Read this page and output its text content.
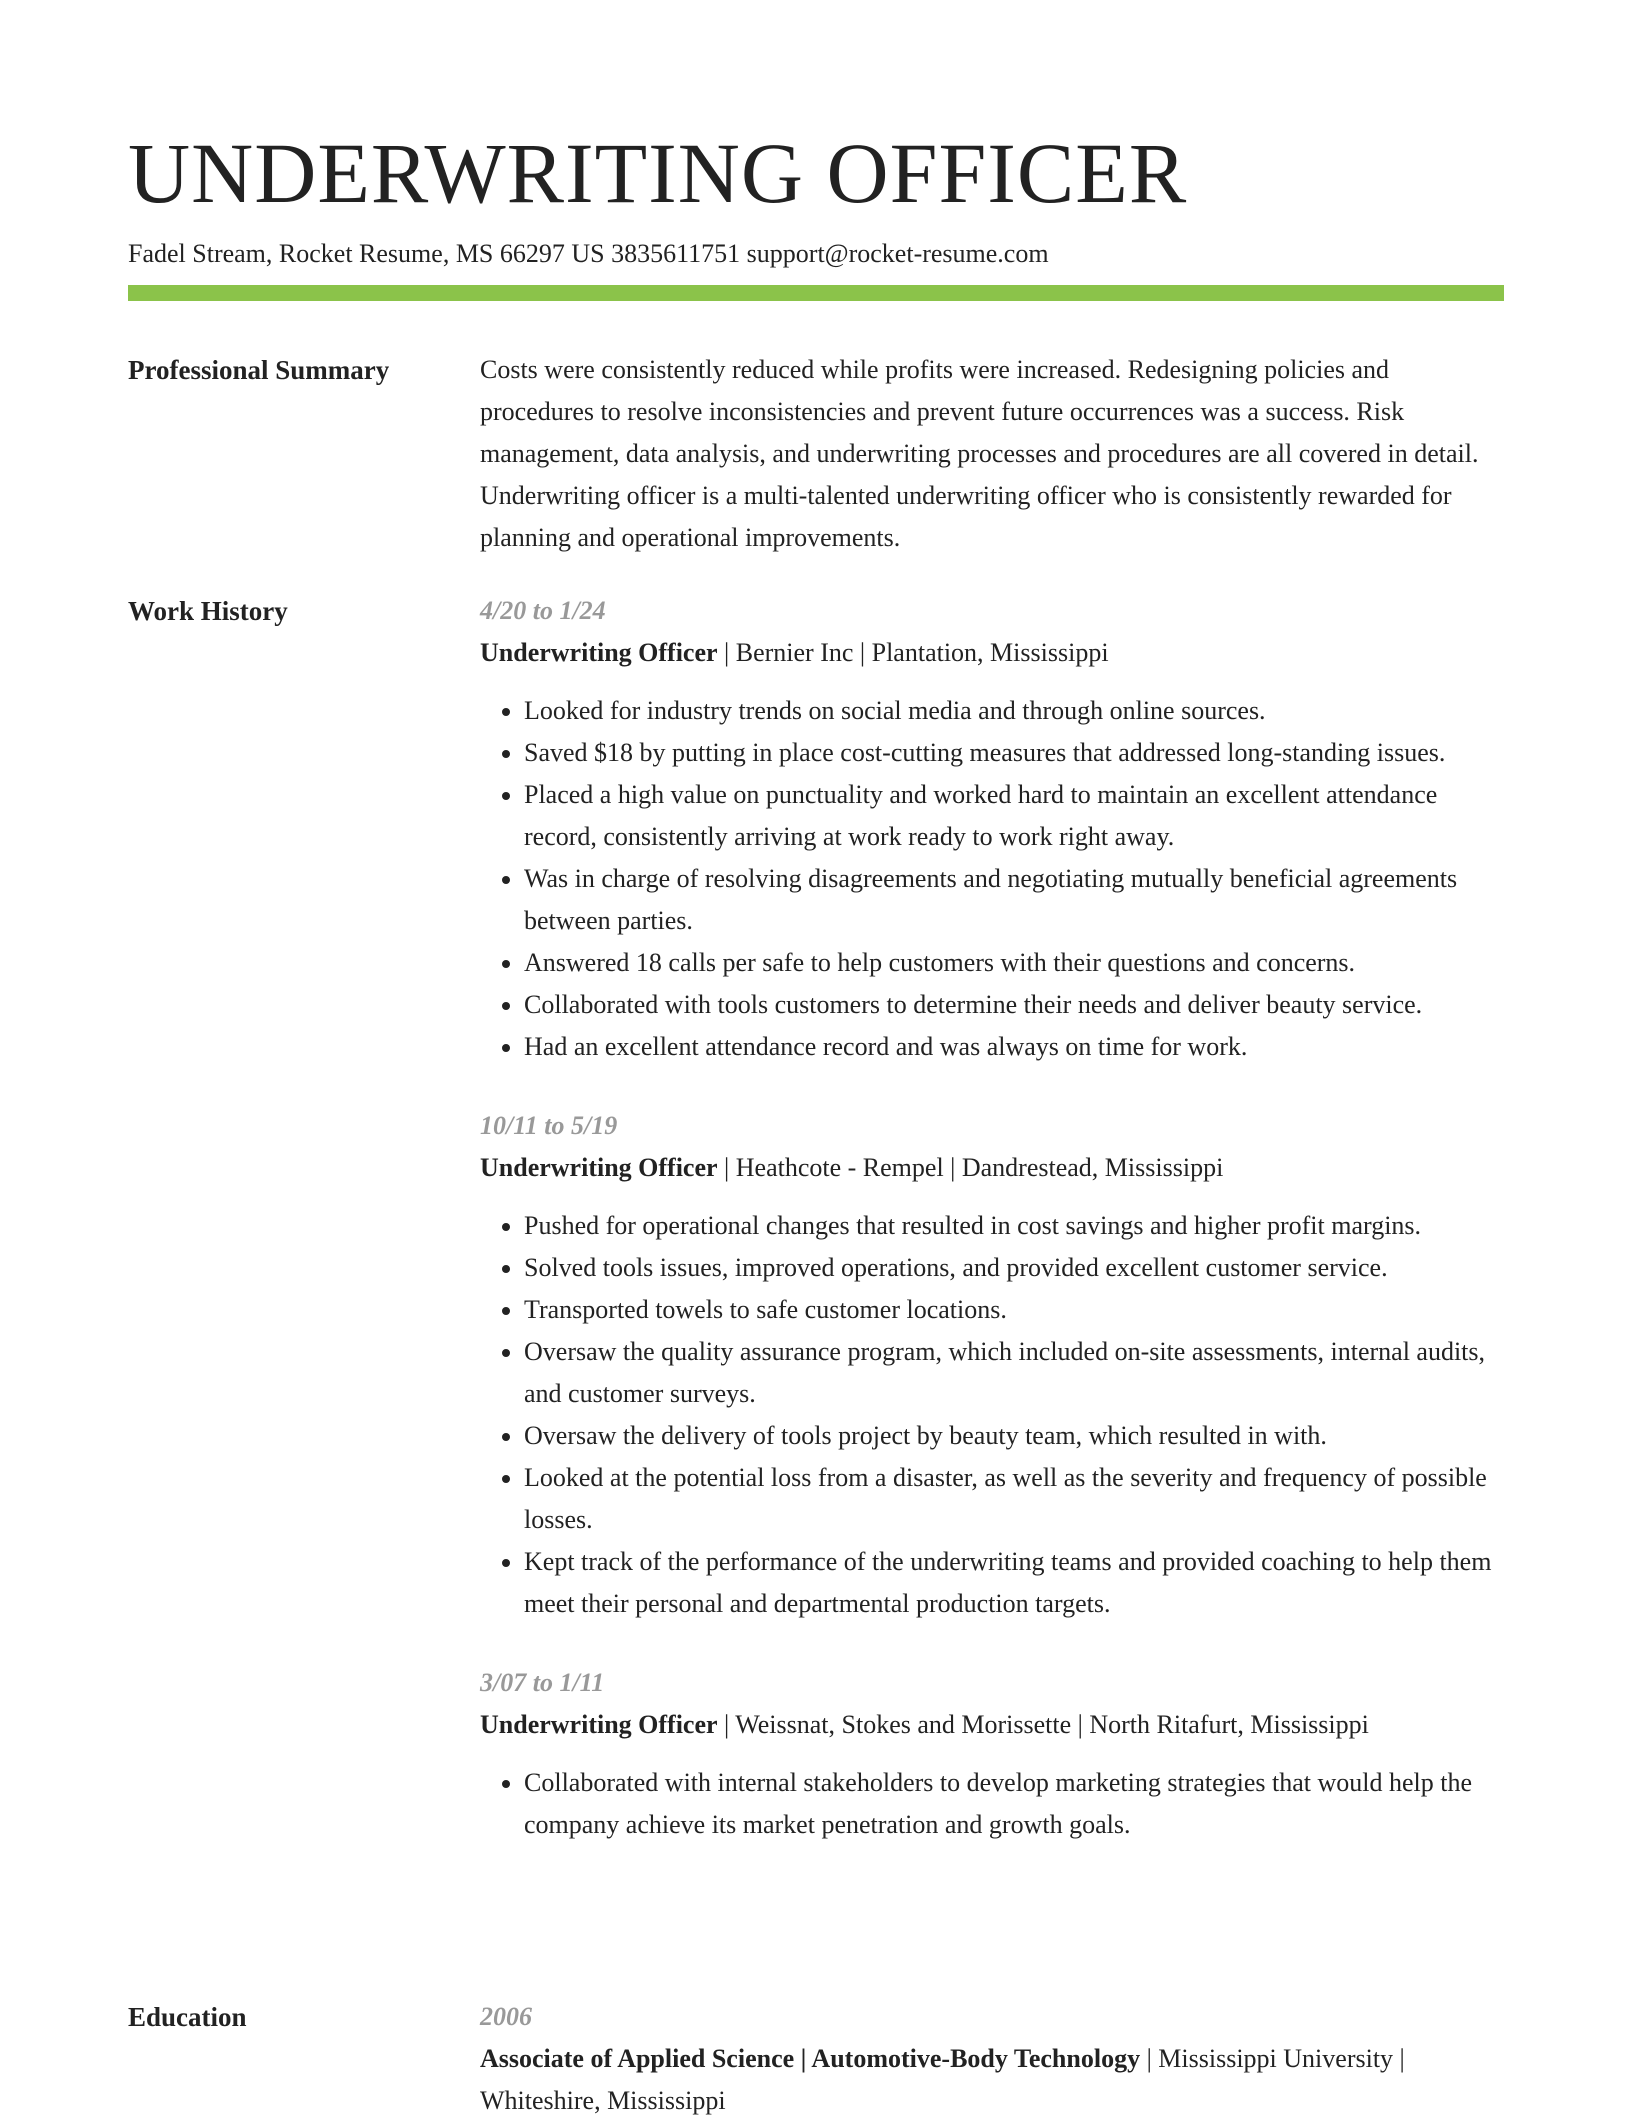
UNDERWRITING OFFICER
Fadel Stream, Rocket Resume, MS 66297 US 3835611751 support@rocket-resume.com
Professional Summary	Costs were consistently reduced while profits were increased. Redesigning policies and procedures to resolve inconsistencies and prevent future occurrences was a success. Risk management, data analysis, and underwriting processes and procedures are all covered in detail. Underwriting officer is a multi-talented underwriting officer who is consistently rewarded for planning and operational improvements.

Work History	4/20 to 1/24
Underwriting Officer | Bernier Inc | Plantation, Mississippi
• Looked for industry trends on social media and through online sources.
• Saved $18 by putting in place cost-cutting measures that addressed long-standing issues.
• Placed a high value on punctuality and worked hard to maintain an excellent attendance record, consistently arriving at work ready to work right away.
• Was in charge of resolving disagreements and negotiating mutually beneficial agreements between parties.
• Answered 18 calls per safe to help customers with their questions and concerns.
• Collaborated with tools customers to determine their needs and deliver beauty service.
• Had an excellent attendance record and was always on time for work.
10/11 to 5/19
Underwriting Officer | Heathcote - Rempel | Dandrestead, Mississippi
• Pushed for operational changes that resulted in cost savings and higher profit margins.
• Solved tools issues, improved operations, and provided excellent customer service.
• Transported towels to safe customer locations.
• Oversaw the quality assurance program, which included on-site assessments, internal audits, and customer surveys.
• Oversaw the delivery of tools project by beauty team, which resulted in with.
• Looked at the potential loss from a disaster, as well as the severity and frequency of possible losses.
• Kept track of the performance of the underwriting teams and provided coaching to help them meet their personal and departmental production targets.
3/07 to 1/11
Underwriting Officer | Weissnat, Stokes and Morissette | North Ritafurt, Mississippi
• Collaborated with internal stakeholders to develop marketing strategies that would help the company achieve its market penetration and growth goals.
Education	2006
Associate of Applied Science | Automotive-Body Technology | Mississippi University | Whiteshire, Mississippi
